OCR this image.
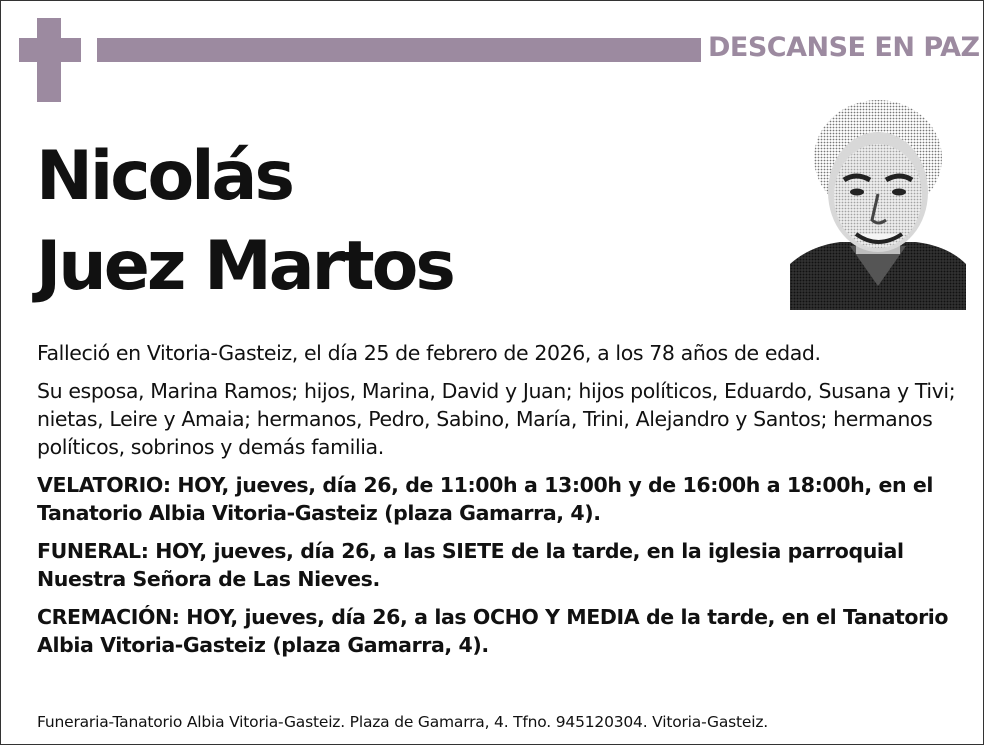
DESCANSE EN PAZ
Nicolás
Juez Martos

Falleció en Vitoria-Gasteiz, el día 25 de febrero de 2026, a los 78 años de edad.

Su esposa, Marina Ramos; hijos, Marina, David y Juan; hijos políticos, Eduardo, Susana y Tivi; nietas, Leire y Amaia; hermanos, Pedro, Sabino, María, Trini, Alejandro y Santos; hermanos políticos, sobrinos y demás familia.

VELATORIO: HOY, jueves, día 26, de 11:00h a 13:00h y de 16:00h a 18:00h, en el Tanatorio Albia Vitoria-Gasteiz (plaza Gamarra, 4).

FUNERAL: HOY, jueves, día 26, a las SIETE de la tarde, en la iglesia parroquial Nuestra Señora de Las Nieves.

CREMACIÓN: HOY, jueves, día 26, a las OCHO Y MEDIA de la tarde, en el Tanatorio Albia Vitoria-Gasteiz (plaza Gamarra, 4).

Funeraria-Tanatorio Albia Vitoria-Gasteiz. Plaza de Gamarra, 4. Tfno. 945120304. Vitoria-Gasteiz.
